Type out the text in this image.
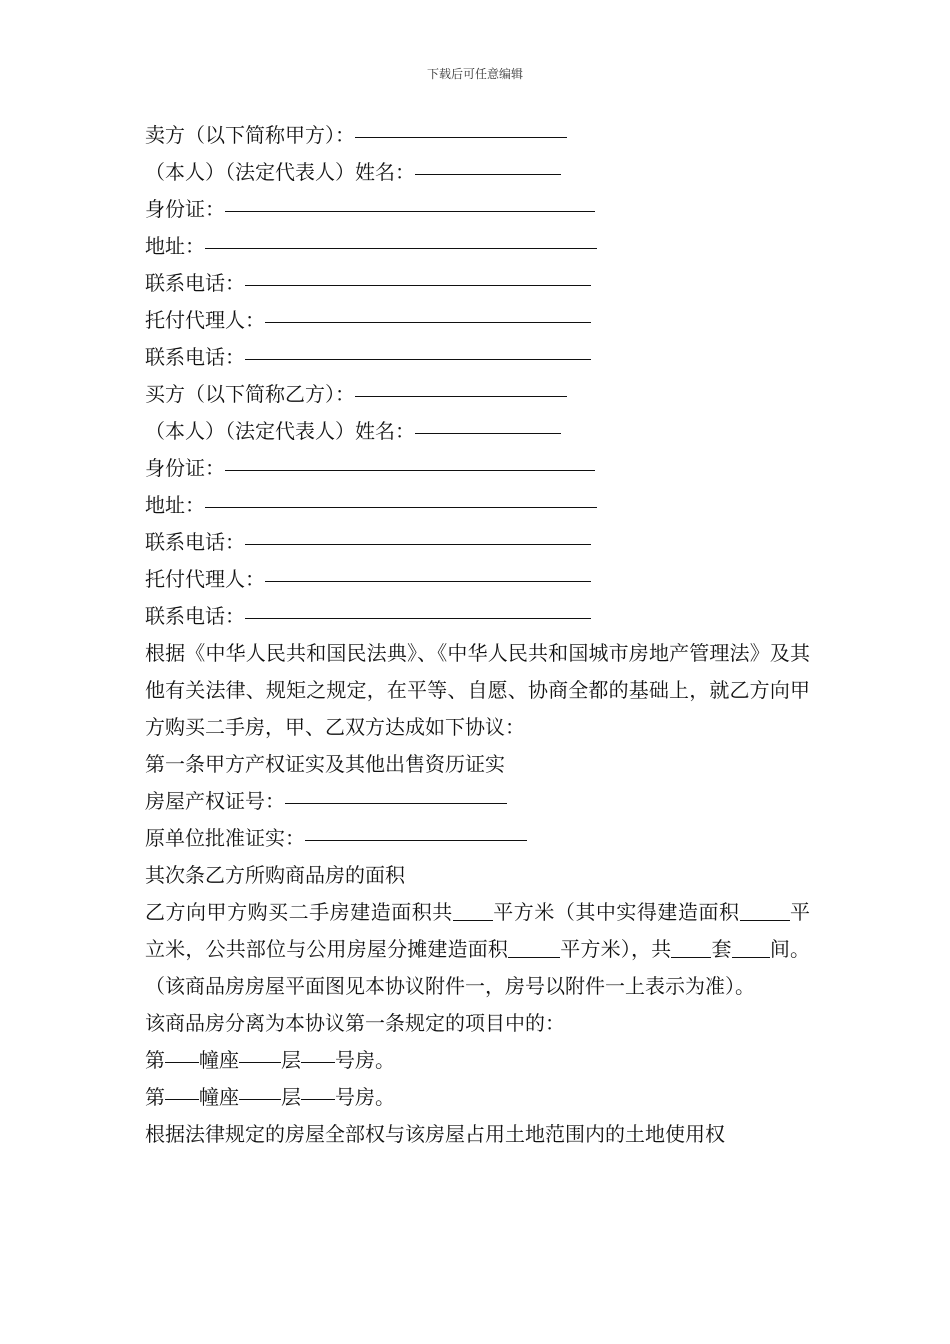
下载后可任意编辑
卖方（以下简称甲方）：
（本人）（法定代表人）姓名：
身份证：
地址：
联系电话：
托付代理人：
联系电话：
买方（以下简称乙方）：
（本人）（法定代表人）姓名：
身份证：
地址：
联系电话：
托付代理人：
联系电话：
根据《中华人民共和国民法典》、《中华人民共和国城市房地产管理法》及其他有关法律、规矩之规定，在平等、自愿、协商全都的基础上，就乙方向甲方购买二手房，甲、乙双方达成如下协议：
第一条甲方产权证实及其他出售资历证实
房屋产权证号：
原单位批准证实：
其次条乙方所购商品房的面积
乙方向甲方购买二手房建造面积共 平方米（其中实得建造面积	平立米，公共部位与公用房屋分摊建造面积	平方米），共 套 间。（该商品房房屋平面图见本协议附件一，房号以附件一上表示为准）。
该商品房分离为本协议第一条规定的项目中的：
第 幢座 层 号房。
第 幢座 层 号房。
根据法律规定的房屋全部权与该房屋占用土地范围内的土地使用权
